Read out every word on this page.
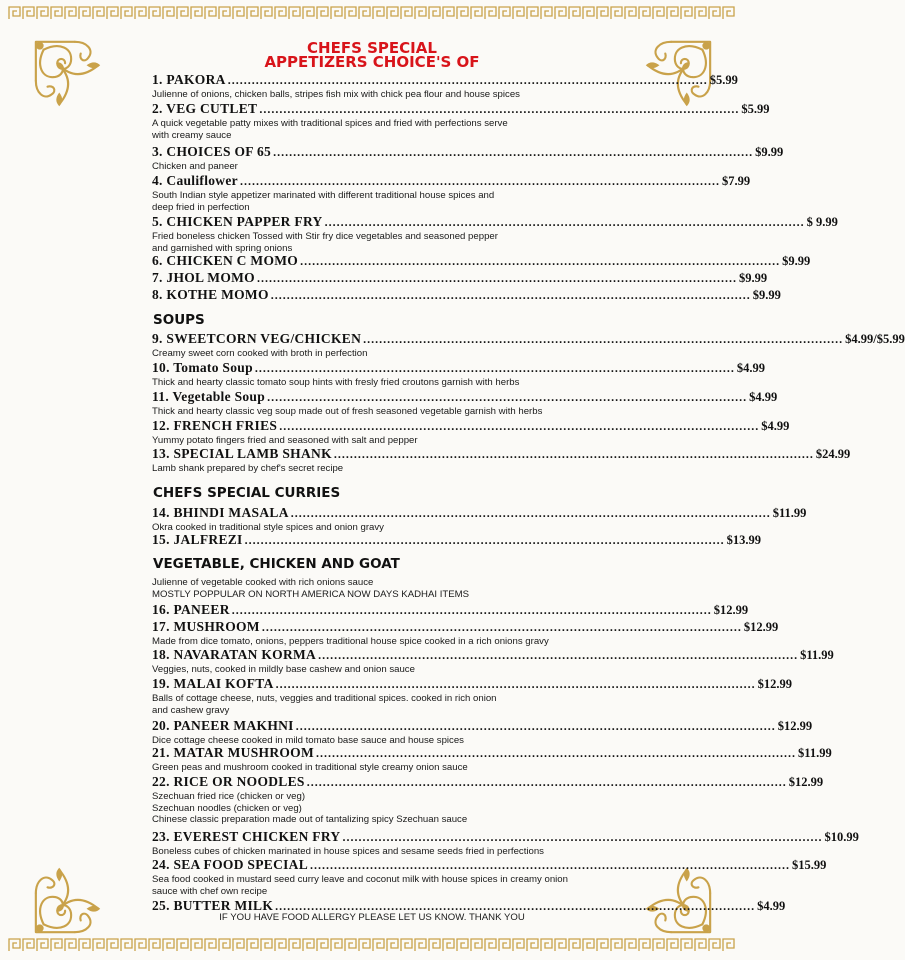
CHEFS SPECIAL
APPETIZERS CHOICE'S OF
SOUPS
CHEFS SPECIAL CURRIES
VEGETABLE, CHICKEN AND GOAT
Julienne of vegetable cooked with rich onions sauce
MOSTLY POPPULAR ON NORTH AMERICA NOW DAYS KADHAI ITEMS
1. PAKORA ........................................................................................................................ $5.99
Julienne of onions, chicken balls, stripes fish mix with chick pea flour and house spices
2. VEG CUTLET ........................................................................................................................ $5.99
A quick vegetable patty mixes with traditional spices and fried with perfections serve
with creamy sauce
3. CHOICES OF 65 ........................................................................................................................ $9.99
Chicken and paneer
4. Cauliflower ........................................................................................................................ $7.99
South Indian style appetizer marinated with different traditional house spices and
deep fried in perfection
5. CHICKEN PAPPER FRY ........................................................................................................................ $ 9.99
Fried boneless chicken Tossed with Stir fry dice vegetables and seasoned pepper
and garnished with spring onions
6. CHICKEN C MOMO ........................................................................................................................ $9.99
7. JHOL MOMO ........................................................................................................................ $9.99
8. KOTHE MOMO ........................................................................................................................ $9.99
9. SWEETCORN VEG/CHICKEN ........................................................................................................................ $4.99/$5.99
Creamy sweet corn cooked with broth in perfection
10. Tomato Soup ........................................................................................................................ $4.99
Thick and hearty classic tomato soup hints with fresly fried croutons garnish with herbs
11. Vegetable Soup ........................................................................................................................ $4.99
Thick and hearty classic veg soup made out of fresh seasoned vegetable garnish with herbs
12. FRENCH FRIES ........................................................................................................................ $4.99
Yummy potato fingers fried and seasoned with salt and pepper
13. SPECIAL LAMB SHANK ........................................................................................................................ $24.99
Lamb shank prepared by chef's secret recipe
14. BHINDI MASALA ........................................................................................................................ $11.99
Okra cooked in traditional style spices and onion gravy
15. JALFREZI ........................................................................................................................ $13.99
16. PANEER ........................................................................................................................ $12.99
17. MUSHROOM ........................................................................................................................ $12.99
Made from dice tomato, onions, peppers traditional house spice cooked in a rich onions gravy
18. NAVARATAN KORMA ........................................................................................................................ $11.99
Veggies, nuts, cooked in mildly base cashew and onion sauce
19. MALAI KOFTA ........................................................................................................................ $12.99
Balls of cottage cheese, nuts, veggies and traditional spices. cooked in rich onion
and cashew gravy
20. PANEER MAKHNI ........................................................................................................................ $12.99
Dice cottage cheese cooked in mild tomato base sauce and house spices
21. MATAR MUSHROOM ........................................................................................................................ $11.99
Green peas and mushroom cooked in traditional style creamy onion sauce
22. RICE OR NOODLES ........................................................................................................................ $12.99
Szechuan fried rice (chicken or veg)
Szechuan noodles (chicken or veg)
Chinese classic preparation made out of tantalizing spicy Szechuan sauce
23. EVEREST CHICKEN FRY ........................................................................................................................ $10.99
Boneless cubes of chicken marinated in house spices and sesame seeds fried in perfections
24. SEA FOOD SPECIAL ........................................................................................................................ $15.99
Sea food cooked in mustard seed curry leave and coconut milk with house spices in creamy onion
sauce with chef own recipe
25. BUTTER MILK ........................................................................................................................ $4.99
IF YOU HAVE FOOD ALLERGY PLEASE LET US KNOW. THANK YOU
